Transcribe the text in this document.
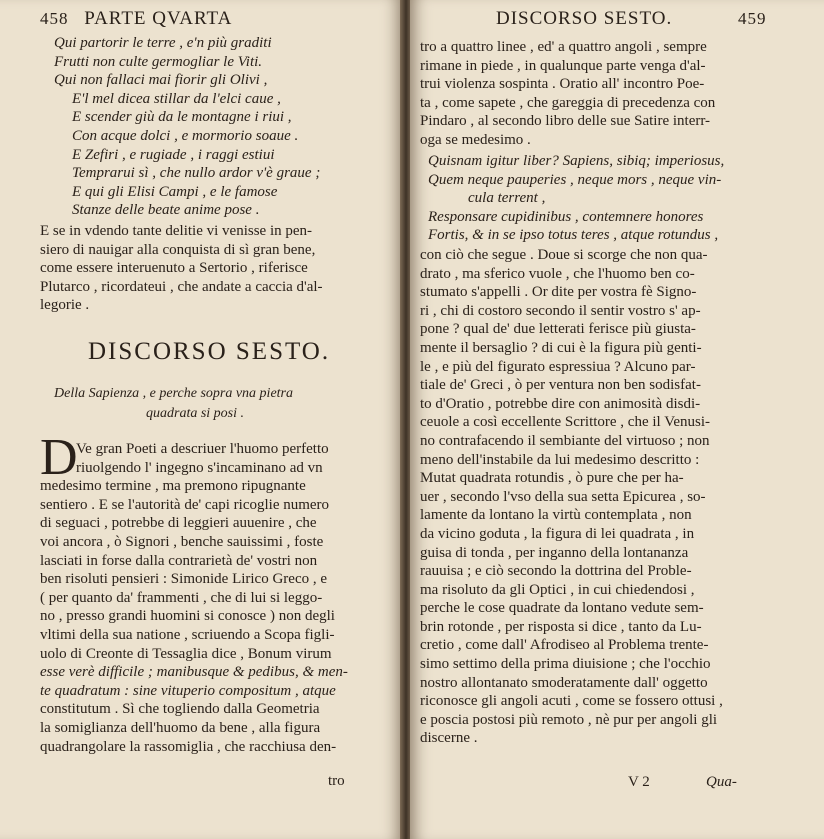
458 PARTE QVARTA
Qui partorir le terre , e'n più graditi
Frutti non culte germogliar le Viti.
Qui non fallaci mai fiorir gli Olivi ,
E'l mel dicea stillar da l'elci caue ,
E scender giù da le montagne i riui ,
Con acque dolci , e mormorio soaue .
E Zefiri , e rugiade , i raggi estiui
Temprarui sì , che nullo ardor v'è graue ;
E qui gli Elisi Campi , e le famose
Stanze delle beate anime pose .
E se in vdendo tante delitie vi venisse in pen-
siero di nauigar alla conquista di sì gran bene,
come essere interuenuto a Sertorio , riferisce
Plutarco , ricordateui , che andate a caccia d'al-
legorie .
DISCORSO SESTO.
Della Sapienza , e perche sopra vna pietra
quadrata si posi .
D
Ve gran Poeti a descriuer l'huomo perfetto
riuolgendo l' ingegno s'incaminano ad vn
medesimo termine , ma premono ripugnante
sentiero . E se l'autorità de' capi ricoglie numero
di seguaci , potrebbe di leggieri auuenire , che
voi ancora , ò Signori , benche sauissimi , foste
lasciati in forse dalla contrarietà de' vostri non
ben risoluti pensieri : Simonide Lirico Greco , e
( per quanto da' frammenti , che di lui si leggo-
no , presso grandi huomini si conosce ) non degli
vltimi della sua natione , scriuendo a Scopa figli-
uolo di Creonte di Tessaglia dice , Bonum virum
esse verè difficile ; manibusque & pedibus, & men-
te quadratum : sine vituperio compositum , atque
constitutum . Sì che togliendo dalla Geometria
la somiglianza dell'huomo da bene , alla figura
quadrangolare la rassomiglia , che racchiusa den-
tro
DISCORSO SESTO.	459
tro a quattro linee , ed' a quattro angoli , sempre
rimane in piede , in qualunque parte venga d'al-
trui violenza sospinta . Oratio all' incontro Poe-
ta , come sapete , che gareggia di precedenza con
Pindaro , al secondo libro delle sue Satire interr-
oga se medesimo .
Quisnam igitur liber? Sapiens, sibiq; imperiosus,
Quem neque pauperies , neque mors , neque vin-
cula terrent ,
Responsare cupidinibus , contemnere honores
Fortis, & in se ipso totus teres , atque rotundus ,
con ciò che segue . Doue si scorge che non qua-
drato , ma sferico vuole , che l'huomo ben co-
stumato s'appelli . Or dite per vostra fè Signo-
ri , chi di costoro secondo il sentir vostro s' ap-
pone ? qual de' due letterati ferisce più giusta-
mente il bersaglio ? di cui è la figura più genti-
le , e più del figurato espressiua ? Alcuno par-
tiale de' Greci , ò per ventura non ben sodisfat-
to d'Oratio , potrebbe dire con animosità disdi-
ceuole a così eccellente Scrittore , che il Venusi-
no contrafacendo il sembiante del virtuoso ; non
meno dell'instabile da lui medesimo descritto :
Mutat quadrata rotundis , ò pure che per ha-
uer , secondo l'vso della sua setta Epicurea , so-
lamente da lontano la virtù contemplata , non
da vicino goduta , la figura di lei quadrata , in
guisa di tonda , per inganno della lontananza
rauuisa ; e ciò secondo la dottrina del Proble-
ma risoluto da gli Optici , in cui chiedendosi ,
perche le cose quadrate da lontano vedute sem-
brin rotonde , per risposta si dice , tanto da Lu-
cretio , come dall' Afrodiseo al Problema trente-
simo settimo della prima diuisione ; che l'occhio
nostro allontanato smoderatamente dall' oggetto
riconosce gli angoli acuti , come se fossero ottusi ,
e poscia postosi più remoto , nè pur per angoli gli
discerne .
V 2	Qua-
